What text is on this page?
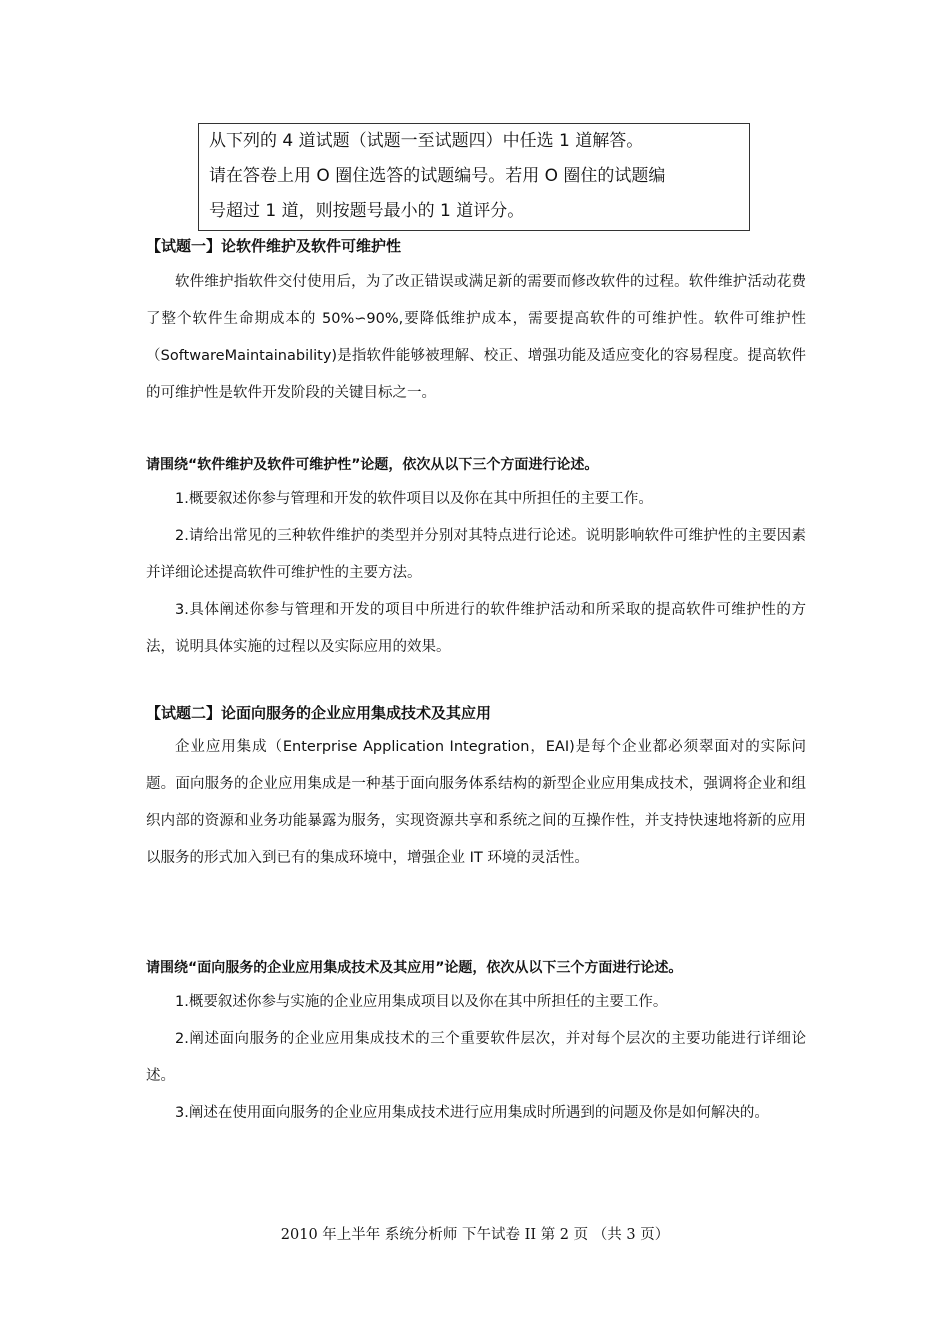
从下列的 4 道试题（试题一至试题四）中任选 1 道解答。

请在答卷上用 O 圈住选答的试题编号。若用 O 圈住的试题编

号超过 1 道，则按题号最小的 1 道评分。

【试题一】论软件维护及软件可维护性

软件维护指软件交付使用后，为了改正错误或满足新的需要而修改软件的过程。软件维护活动花费了整个软件生命期成本的 50%∽90%,要降低维护成本，需要提高软件的可维护性。软件可维护性（SoftwareMaintainability)是指软件能够被理解、校正、增强功能及适应变化的容易程度。提高软件的可维护性是软件开发阶段的关键目标之一。

请围绕“软件维护及软件可维护性”论题，依次从以下三个方面进行论述。

1.概要叙述你参与管理和开发的软件项目以及你在其中所担任的主要工作。

2.请给出常见的三种软件维护的类型并分别对其特点进行论述。说明影响软件可维护性的主要因素并详细论述提高软件可维护性的主要方法。

3.具体阐述你参与管理和开发的项目中所进行的软件维护活动和所采取的提高软件可维护性的方法，说明具体实施的过程以及实际应用的效果。

【试题二】论面向服务的企业应用集成技术及其应用

企业应用集成（Enterprise Application Integration，EAI)是每个企业都必须翠面对的实际问题。面向服务的企业应用集成是一种基于面向服务体系结构的新型企业应用集成技术，强调将企业和组织内部的资源和业务功能暴露为服务，实现资源共享和系统之间的互操作性，并支持快速地将新的应用以服务的形式加入到已有的集成环境中，增强企业 IT 环境的灵活性。

请围绕“面向服务的企业应用集成技术及其应用”论题，依次从以下三个方面进行论述。

1.概要叙述你参与实施的企业应用集成项目以及你在其中所担任的主要工作。

2.阐述面向服务的企业应用集成技术的三个重要软件层次，并对每个层次的主要功能进行详细论述。

3.阐述在使用面向服务的企业应用集成技术进行应用集成时所遇到的问题及你是如何解决的。

2010 年上半年 系统分析师 下午试卷 II 第 2 页 （共 3 页）
